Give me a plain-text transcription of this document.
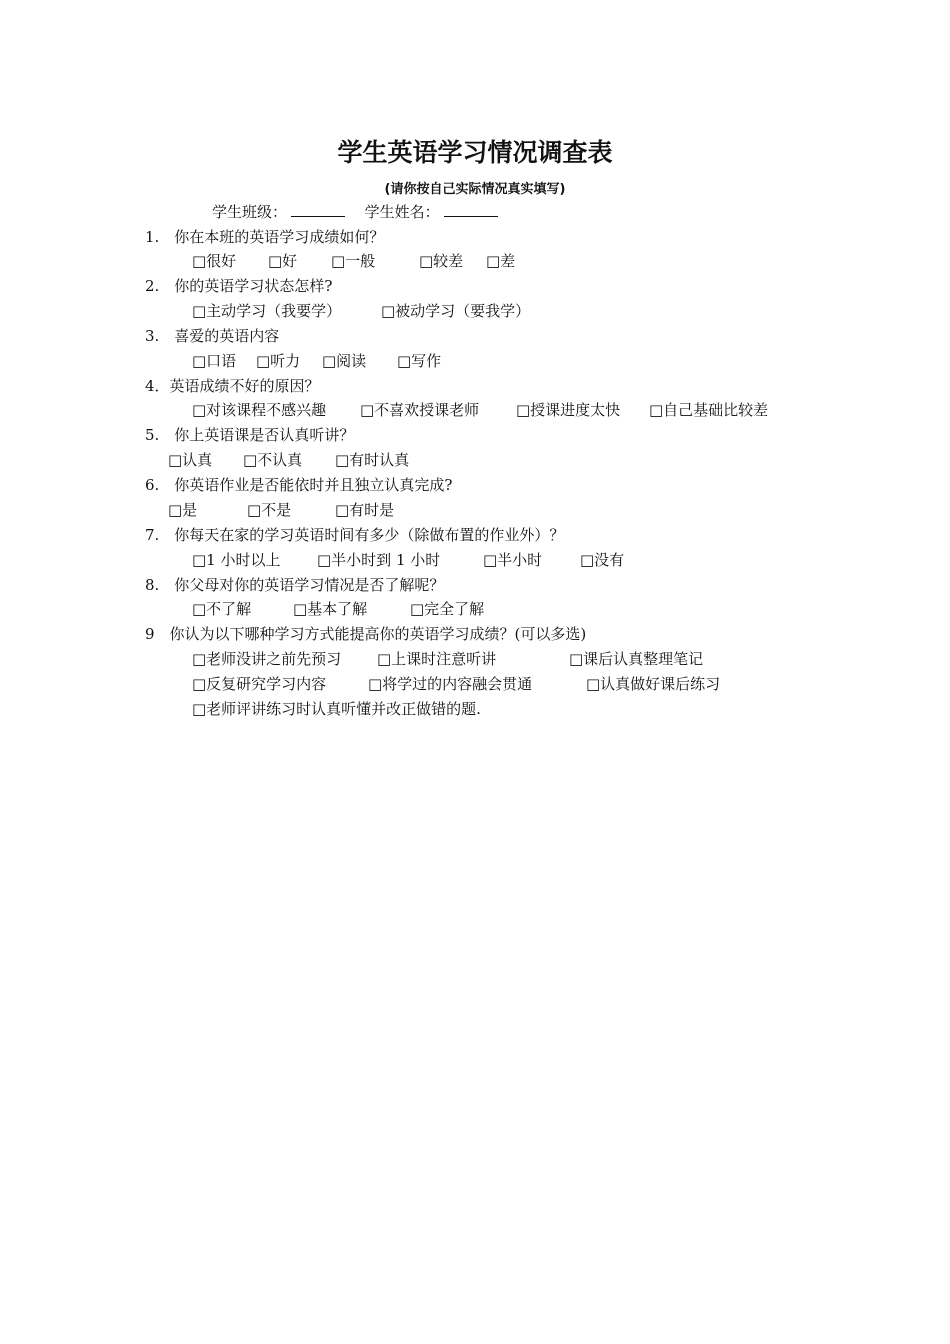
学生英语学习情况调查表
(请你按自己实际情况真实填写)
学生班级：	学生姓名：
1.　你在本班的英语学习成绩如何？
□很好 □好 □一般	□较差 □差
2.　你的英语学习状态怎样?
□主动学习（我要学）	□被动学习（要我学）
3.　喜爱的英语内容
□口语 □听力 □阅读 □写作
4．英语成绩不好的原因？
□对该课程不感兴趣 □不喜欢授课老师 □授课进度太快 □自己基础比较差
5.　你上英语课是否认真听讲？
□认真 □不认真 □有时认真
6.　你英语作业是否能依时并且独立认真完成?
□是	□不是	□有时是
7.　你每天在家的学习英语时间有多少（除做布置的作业外）？
□1 小时以上 □半小时到 1 小时	□半小时	□没有
8.　你父母对你的英语学习情况是否了解呢？
□不了解	□基本了解	□完全了解
9　你认为以下哪种学习方式能提高你的英语学习成绩？(可以多选)
□老师没讲之前先预习 □上课时注意听讲	□课后认真整理笔记
□反复研究学习内容	□将学过的内容融会贯通	□认真做好课后练习
□老师评讲练习时认真听懂并改正做错的题.
